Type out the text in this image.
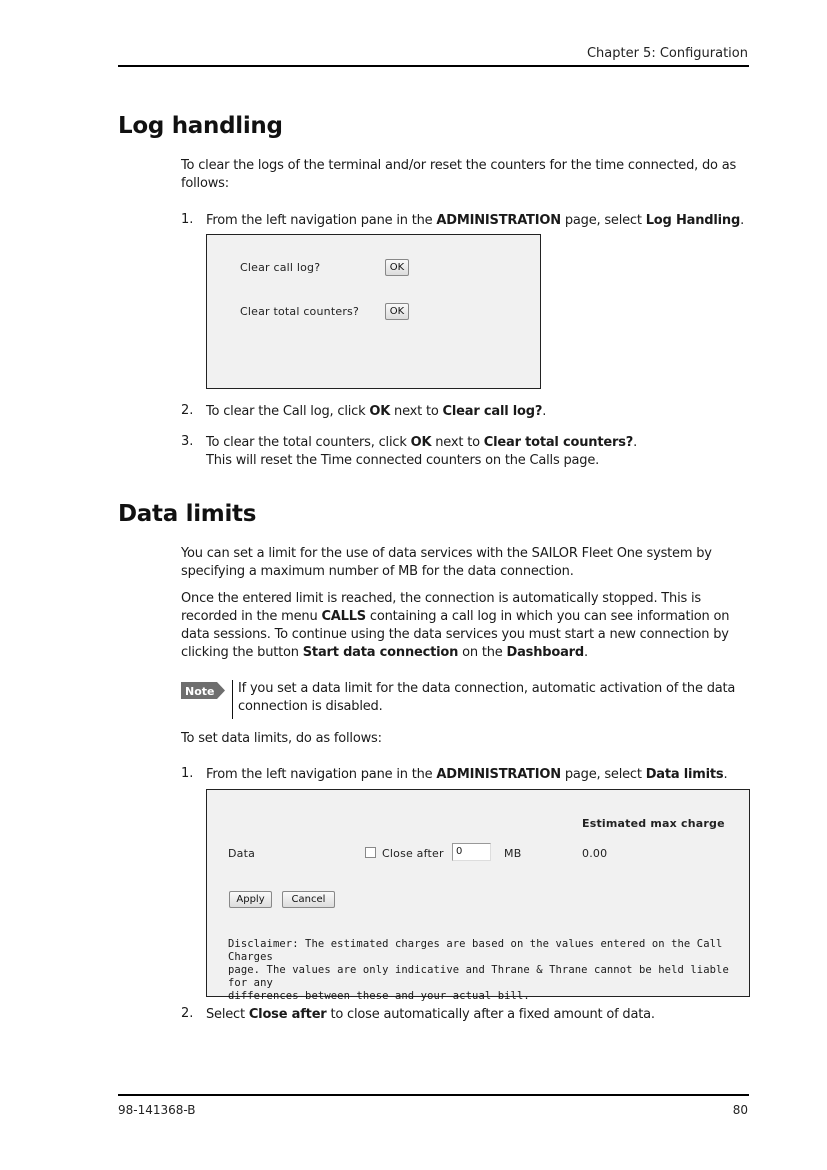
Chapter 5: Configuration
Log handling
To clear the logs of the terminal and/or reset the counters for the time connected, do as follows:
1. From the left navigation pane in the ADMINISTRATION page, select Log Handling.
Clear call log?	OK
Clear total counters?	OK
2. To clear the Call log, click OK next to Clear call log?.
3. To clear the total counters, click OK next to Clear total counters?.
This will reset the Time connected counters on the Calls page.
Data limits
You can set a limit for the use of data services with the SAILOR Fleet One system by specifying a maximum number of MB for the data connection.
Once the entered limit is reached, the connection is automatically stopped. This is recorded in the menu CALLS containing a call log in which you can see information on data sessions. To continue using the data services you must start a new connection by clicking the button Start data connection on the Dashboard.
Note If you set a data limit for the data connection, automatic activation of the data connection is disabled.
To set data limits, do as follows:
1. From the left navigation pane in the ADMINISTRATION page, select Data limits.
Estimated max charge
Data	Close after	0	MB	0.00
Apply	Cancel
Disclaimer: The estimated charges are based on the values entered on the Call Charges
page. The values are only indicative and Thrane & Thrane cannot be held liable for any
differences between these and your actual bill.
2. Select Close after to close automatically after a fixed amount of data.
98-141368-B	80
